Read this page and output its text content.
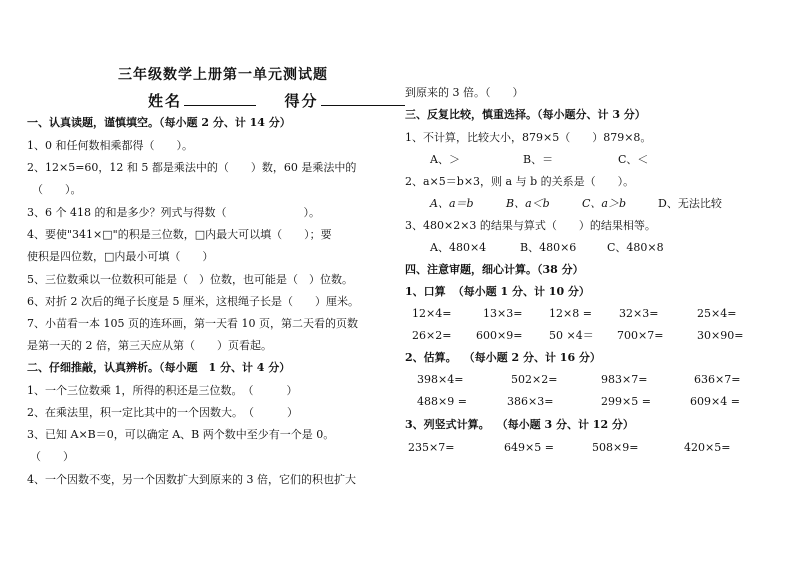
三年级数学上册第一单元测试题
姓名	得分
一、认真读题，谨慎填空。（每小题 2 分、计 14 分）
1、0 和任何数相乘都得（　　）。
2、12×5=60，12 和 5 都是乘法中的（　　）数，60 是乘法中的
（　　）。
3、6 个 418 的和是多少？列式与得数（　　　　　　　）。
4、要使"341×□"的积是三位数，□内最大可以填（　　）；要
使积是四位数，□内最小可填（　　）
5、三位数乘以一位数积可能是（　）位数，也可能是（　）位数。
6、对折 2 次后的绳子长度是 5 厘米，这根绳子长是（　　）厘米。
7、小苗看一本 105 页的连环画，第一天看 10 页，第二天看的页数
是第一天的 2 倍，第三天应从第（　　）页看起。
二、仔细推敲，认真辨析。（每小题　1 分、计 4 分）
1、一个三位数乘 1，所得的积还是三位数。　（　　　）
2、在乘法里，积一定比其中的一个因数大。　（　　　）
3、已知 A×B＝0，可以确定 A、B 两个数中至少有一个是 0。
（　　）
4、一个因数不变，另一个因数扩大到原来的 3 倍，它们的积也扩大
到原来的 3 倍。（　　）
三、反复比较，慎重选择。（每小题分、计 3 分）
1、不计算，比较大小，879×5（　　）879×8。
A、＞	B、＝	C、＜
2、a×5＝b×3，则 a 与 b 的关系是（　　）。
A、a＝b	B、a＜b	C、a＞b	D、无法比较
3、480×2×3 的结果与算式（　　）的结果相等。
A、480×4	B、480×6	C、480×8
四、注意审题，细心计算。（38 分）
1、口算 （每小题 1 分、计 10 分）
12×4=	13×3= 12×8 = 32×3=	25×4=
26×2= 600×9= 50 ×4＝ 700×7=	30×90=
2、估算。 （每小题 2 分、计 16 分）
398×4=	502×2=	983×7=	636×7=
488×9 =	386×3=	299×5 =	609×4 =
3、列竖式计算。 （每小题 3 分、计 12 分）
235×7=	649×5 =	508×9=	420×5=
